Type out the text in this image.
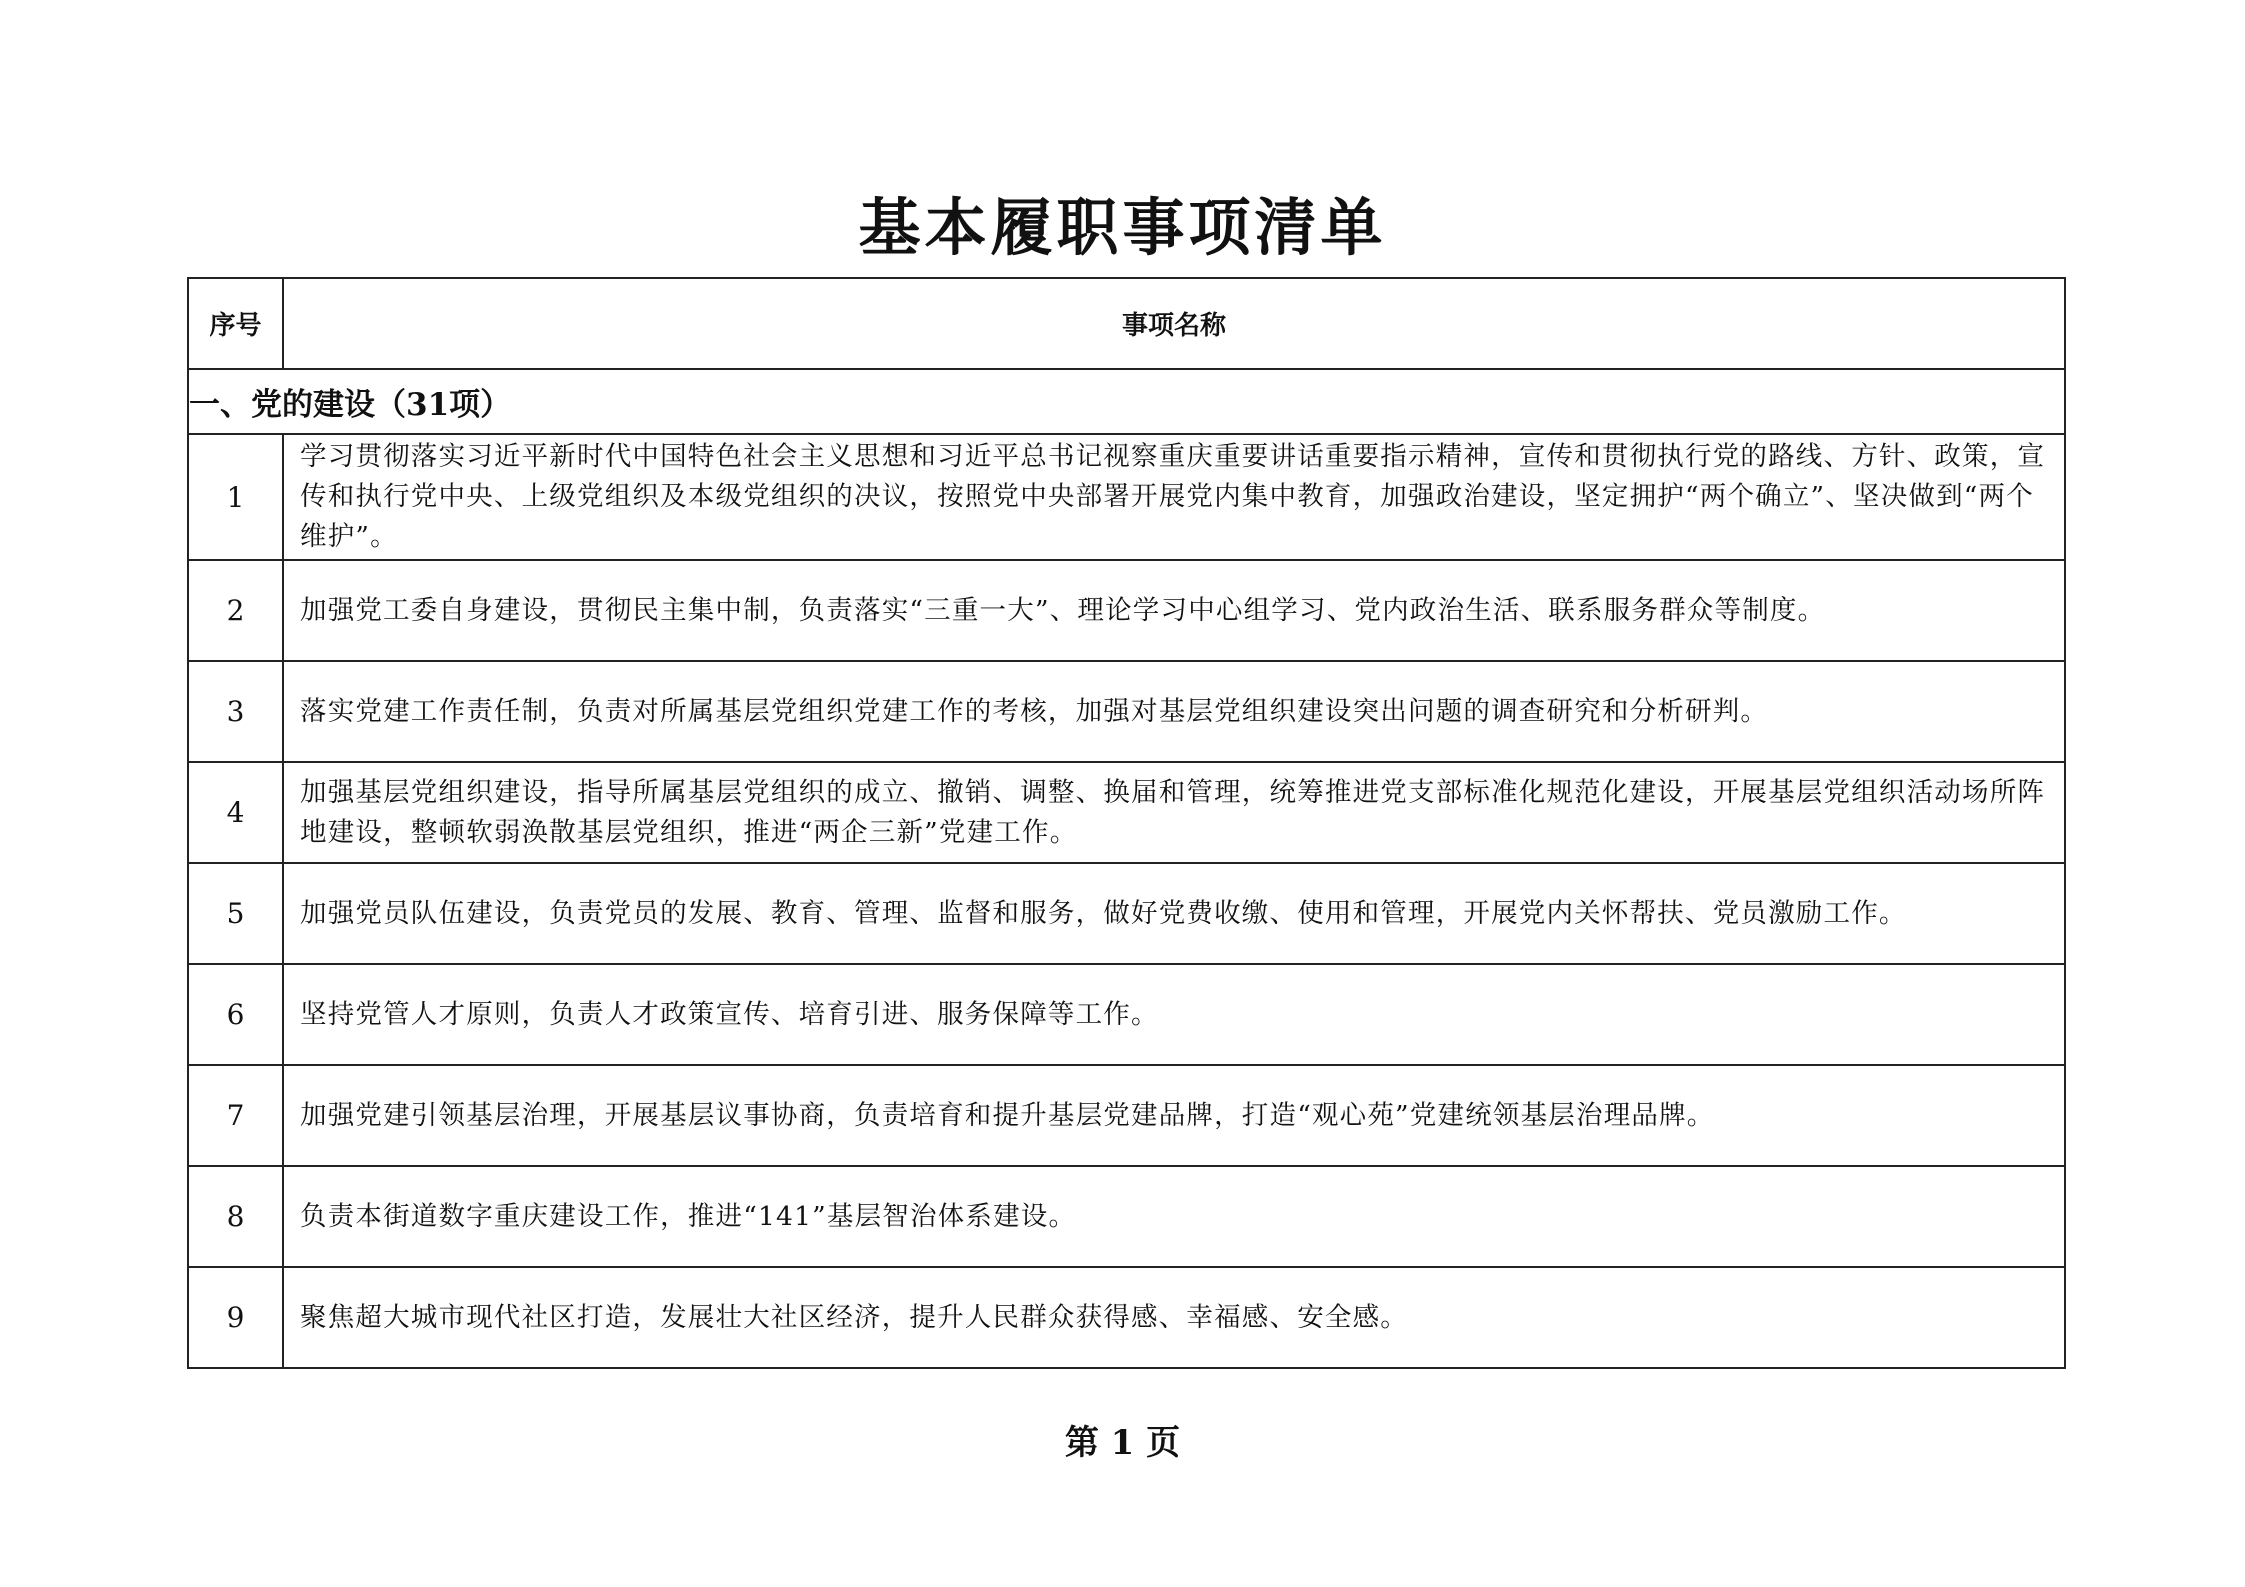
基本履职事项清单
序号	事项名称
一、党的建设（31项）	
1	学习贯彻落实习近平新时代中国特色社会主义思想和习近平总书记视察重庆重要讲话重要指示精神，宣传和贯彻执行党的路线、方针、政策，宣传和执行党中央、上级党组织及本级党组织的决议，按照党中央部署开展党内集中教育，加强政治建设，坚定拥护“两个确立”、坚决做到“两个维护”。
2	加强党工委自身建设，贯彻民主集中制，负责落实“三重一大”、理论学习中心组学习、党内政治生活、联系服务群众等制度。
3	落实党建工作责任制，负责对所属基层党组织党建工作的考核，加强对基层党组织建设突出问题的调查研究和分析研判。
4	加强基层党组织建设，指导所属基层党组织的成立、撤销、调整、换届和管理，统筹推进党支部标准化规范化建设，开展基层党组织活动场所阵地建设，整顿软弱涣散基层党组织，推进“两企三新”党建工作。
5	加强党员队伍建设，负责党员的发展、教育、管理、监督和服务，做好党费收缴、使用和管理，开展党内关怀帮扶、党员激励工作。
6	坚持党管人才原则，负责人才政策宣传、培育引进、服务保障等工作。
7	加强党建引领基层治理，开展基层议事协商，负责培育和提升基层党建品牌，打造“观心苑”党建统领基层治理品牌。
8	负责本街道数字重庆建设工作，推进“141”基层智治体系建设。
9	聚焦超大城市现代社区打造，发展壮大社区经济，提升人民群众获得感、幸福感、安全感。
第 1 页
